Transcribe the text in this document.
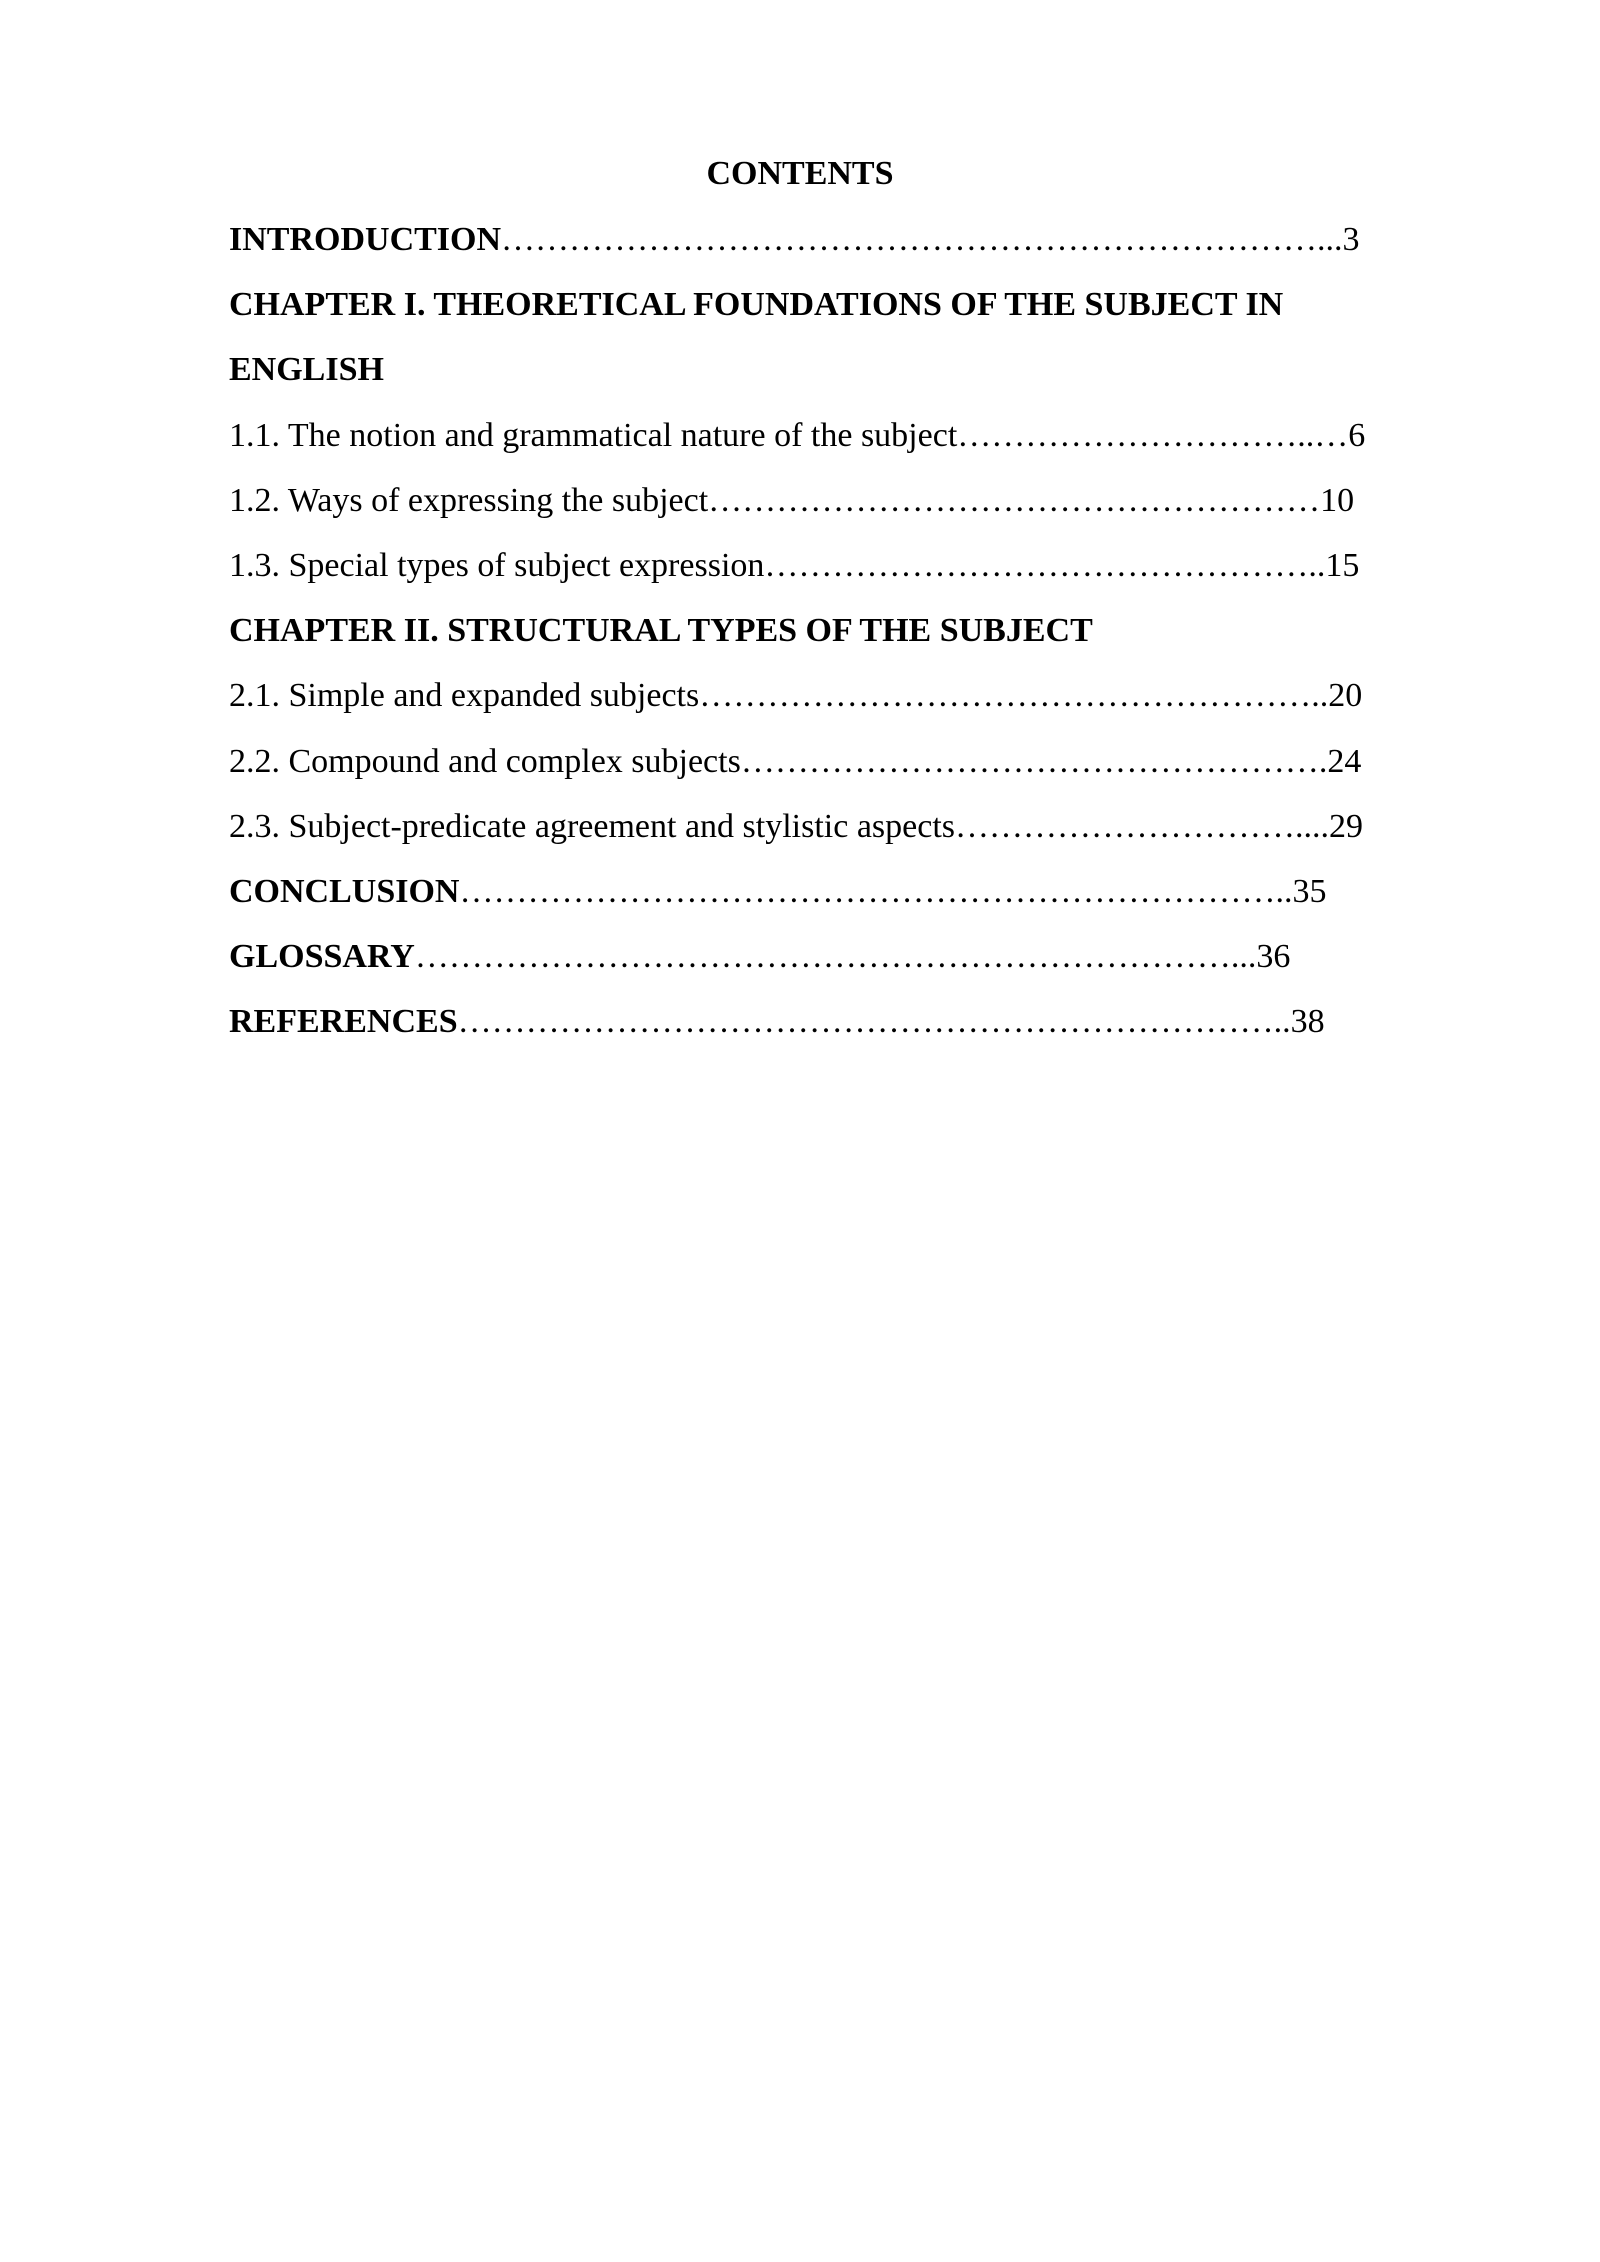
CONTENTS
INTRODUCTION………………………………………………………………...3
CHAPTER I. THEORETICAL FOUNDATIONS OF THE SUBJECT IN
ENGLISH
1.1. The notion and grammatical nature of the subject…………………………..…6
1.2. Ways of expressing the subject………………………………………………10
1.3. Special types of subject expression…………………………………………..15
CHAPTER II. STRUCTURAL TYPES OF THE SUBJECT
2.1. Simple and expanded subjects………………………………………………..20
2.2. Compound and complex subjects…………………………………………….24
2.3. Subject-predicate agreement and stylistic aspects…………………………....29
CONCLUSION………………………………………………………………..35
GLOSSARY………………………………………………………………...36
REFERENCES………………………………………………………………..38
